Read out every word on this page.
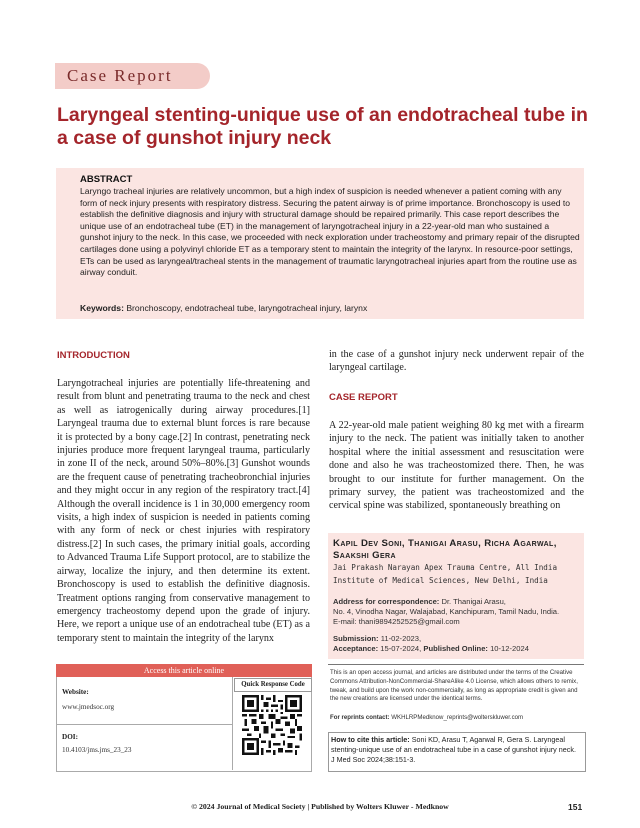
Case Report
Laryngeal stenting-unique use of an endotracheal tube in a case of gunshot injury neck
ABSTRACT

Laryngo tracheal injuries are relatively uncommon, but a high index of suspicion is needed whenever a patient coming with any form of neck injury presents with respiratory distress. Securing the patent airway is of prime importance. Bronchoscopy is used to establish the definitive diagnosis and injury with structural damage should be repaired primarily. This case report describes the unique use of an endotracheal tube (ET) in the management of laryngotracheal injury in a 22-year-old man who sustained a gunshot injury to the neck. In this case, we proceeded with neck exploration under tracheostomy and primary repair of the disrupted cartilages done using a polyvinyl chloride ET as a temporary stent to maintain the integrity of the larynx. In resource-poor settings, ETs can be used as laryngeal/tracheal stents in the management of traumatic laryngotracheal injuries apart from the routine use as airway conduit.

Keywords: Bronchoscopy, endotracheal tube, laryngotracheal injury, larynx
INTRODUCTION

Laryngotracheal injuries are potentially life-threatening and result from blunt and penetrating trauma to the neck and chest as well as iatrogenically during airway procedures.[1] Laryngeal trauma due to external blunt forces is rare because it is protected by a bony cage.[2] In contrast, penetrating neck injuries produce more frequent laryngeal trauma, particularly in zone II of the neck, around 50%–80%.[3] Gunshot wounds are the frequent cause of penetrating tracheobronchial injuries and they might occur in any region of the respiratory tract.[4] Although the overall incidence is 1 in 30,000 emergency room visits, a high index of suspicion is needed in patients coming with any form of neck or chest injuries with respiratory distress.[2] In such cases, the primary initial goals, according to Advanced Trauma Life Support protocol, are to stabilize the airway, localize the injury, and then determine its extent. Bronchoscopy is used to establish the definitive diagnosis. Treatment options ranging from conservative management to emergency tracheostomy depend upon the grade of injury. Here, we report a unique use of an endotracheal tube (ET) as a temporary stent to maintain the integrity of the larynx

in the case of a gunshot injury neck underwent repair of the laryngeal cartilage.

CASE REPORT

A 22-year-old male patient weighing 80 kg met with a firearm injury to the neck. The patient was initially taken to another hospital where the initial assessment and resuscitation were done and also he was tracheostomized there. Then, he was brought to our institute for further management. On the primary survey, the patient was tracheostomized and the cervical spine was stabilized, spontaneously breathing on

Kapil Dev Soni, Thanigai Arasu, Richa Agarwal, Saakshi Gera
Jai Prakash Narayan Apex Trauma Centre, All India Institute of Medical Sciences, New Delhi, India
Address for correspondence: Dr. Thanigai Arasu,
No. 4, Vinodha Nagar, Walajabad, Kanchipuram, Tamil Nadu, India.
E-mail: thani9894252525@gmail.com
Submission: 11-02-2023,
Acceptance: 15-07-2024, Published Online: 10-12-2024
This is an open access journal, and articles are distributed under the terms of the Creative Commons Attribution-NonCommercial-ShareAlike 4.0 License, which allows others to remix, tweak, and build upon the work non-commercially, as long as appropriate credit is given and the new creations are licensed under the identical terms.
For reprints contact: WKHLRPMedknow_reprints@wolterskluwer.com
How to cite this article: Soni KD, Arasu T, Agarwal R, Gera S. Laryngeal stenting-unique use of an endotracheal tube in a case of gunshot injury neck. J Med Soc 2024;38:151-3.
Access this article online
Quick Response Code
Website:
www.jmedsoc.org
DOI:
10.4103/jms.jms_23_23
© 2024 Journal of Medical Society | Published by Wolters Kluwer - Medknow	151
